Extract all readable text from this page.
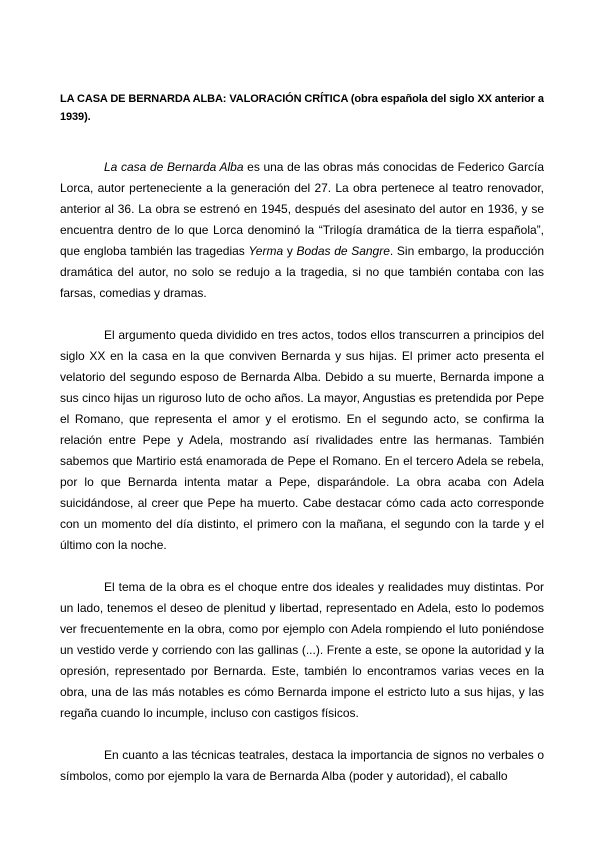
LA CASA DE BERNARDA ALBA: VALORACIÓN CRÍTICA (obra española del siglo XX anterior a 1939).

La casa de Bernarda Alba es una de las obras más conocidas de Federico García Lorca, autor perteneciente a la generación del 27. La obra pertenece al teatro renovador, anterior al 36. La obra se estrenó en 1945, después del asesinato del autor en 1936, y se encuentra dentro de lo que Lorca denominó la “Trilogía dramática de la tierra española”, que engloba también las tragedias Yerma y Bodas de Sangre. Sin embargo, la producción dramática del autor, no solo se redujo a la tragedia, si no que también contaba con las farsas, comedias y dramas.

El argumento queda dividido en tres actos, todos ellos transcurren a principios del siglo XX en la casa en la que conviven Bernarda y sus hijas. El primer acto presenta el velatorio del segundo esposo de Bernarda Alba. Debido a su muerte, Bernarda impone a sus cinco hijas un riguroso luto de ocho años. La mayor, Angustias es pretendida por Pepe el Romano, que representa el amor y el erotismo. En el segundo acto, se confirma la relación entre Pepe y Adela, mostrando así rivalidades entre las hermanas. También sabemos que Martirio está enamorada de Pepe el Romano. En el tercero Adela se rebela, por lo que Bernarda intenta matar a Pepe, disparándole. La obra acaba con Adela suicidándose, al creer que Pepe ha muerto. Cabe destacar cómo cada acto corresponde con un momento del día distinto, el primero con la mañana, el segundo con la tarde y el último con la noche.

El tema de la obra es el choque entre dos ideales y realidades muy distintas. Por un lado, tenemos el deseo de plenitud y libertad, representado en Adela, esto lo podemos ver frecuentemente en la obra, como por ejemplo con Adela rompiendo el luto poniéndose un vestido verde y corriendo con las gallinas (...). Frente a este, se opone la autoridad y la opresión, representado por Bernarda. Este, también lo encontramos varias veces en la obra, una de las más notables es cómo Bernarda impone el estricto luto a sus hijas, y las regaña cuando lo incumple, incluso con castigos físicos.

En cuanto a las técnicas teatrales, destaca la importancia de signos no verbales o símbolos, como por ejemplo la vara de Bernarda Alba (poder y autoridad), el caballo
